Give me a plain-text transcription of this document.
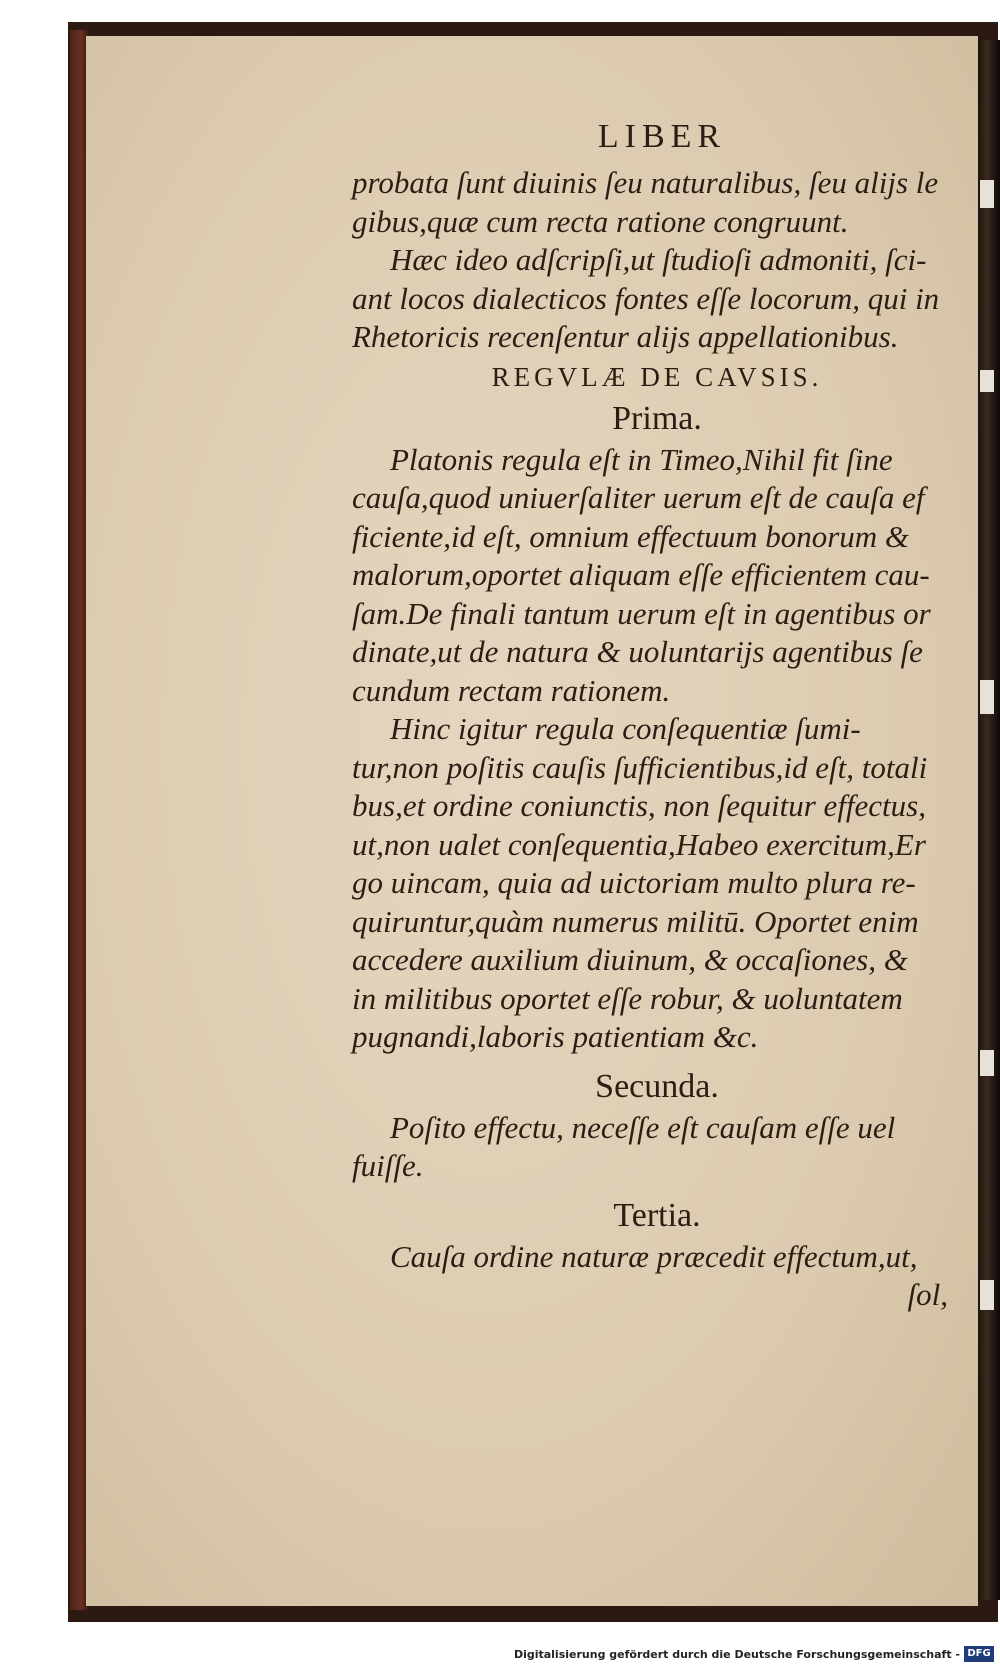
LIBER

probata ſunt diuinis ſeu naturalibus, ſeu alijs le

gibus,quæ cum recta ratione congruunt.

Hæc ideo adſcripſi,ut ſtudioſi admoniti, ſci-

ant locos dialecticos fontes eſſe locorum, qui in

Rhetoricis recenſentur alijs appellationibus.

REGVLÆ DE CAVSIS.

Prima.

Platonis regula eſt in Timeo,Nihil fit ſine

cauſa,quod uniuerſaliter uerum eſt de cauſa ef

ficiente,id eſt, omnium effectuum bonorum &

malorum,oportet aliquam eſſe efficientem cau-

ſam.De finali tantum uerum eſt in agentibus or

dinate,ut de natura & uoluntarijs agentibus ſe

cundum rectam rationem.

Hinc igitur regula conſequentiæ ſumi-

tur,non poſitis cauſis ſufficientibus,id eſt, totali

bus,et ordine coniunctis, non ſequitur effectus,

ut,non ualet conſequentia,Habeo exercitum,Er

go uincam, quia ad uictoriam multo plura re-

quiruntur,quàm numerus militū. Oportet enim

accedere auxilium diuinum, & occaſiones, &

in militibus oportet eſſe robur, & uoluntatem

pugnandi,laboris patientiam &c.

Secunda.

Poſito effectu, neceſſe eſt cauſam eſſe uel

fuiſſe.

Tertia.

Cauſa ordine naturæ præcedit effectum,ut,

ſol,

Digitalisierung gefördert durch die Deutsche Forschungsgemeinschaft - DFG
